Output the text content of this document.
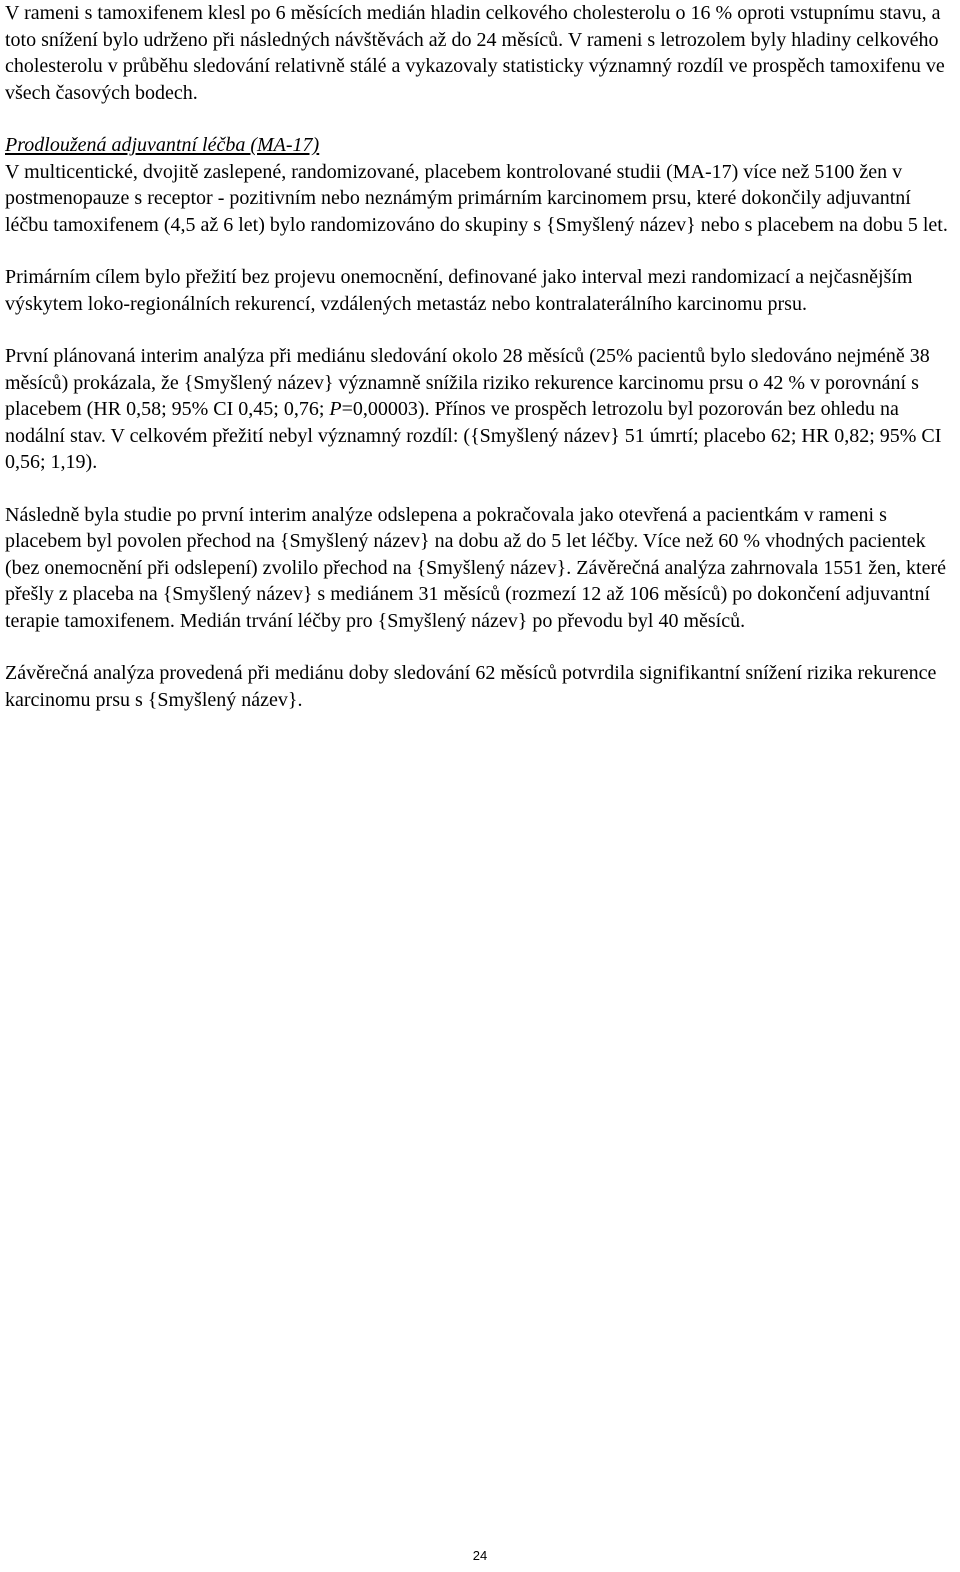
V rameni s tamoxifenem klesl po 6 měsících medián hladin celkového cholesterolu o 16 % oproti vstupnímu stavu, a toto snížení bylo udrženo při následných návštěvách až do 24 měsíců. V rameni s letrozolem byly hladiny celkového cholesterolu v průběhu sledování relativně stálé a vykazovaly statisticky významný rozdíl ve prospěch tamoxifenu ve všech časových bodech.

Prodloužená adjuvantní léčba (MA-17)

V multicentické, dvojitě zaslepené, randomizované, placebem kontrolované studii (MA-17) více než 5100 žen v postmenopauze s receptor - pozitivním nebo neznámým primárním karcinomem prsu, které dokončily adjuvantní léčbu tamoxifenem (4,5 až 6 let) bylo randomizováno do skupiny s {Smyšlený název} nebo s placebem na dobu 5 let.

Primárním cílem bylo přežití bez projevu onemocnění, definované jako interval mezi randomizací a nejčasnějším výskytem loko-regionálních rekurencí, vzdálených metastáz nebo kontralaterálního karcinomu prsu.

První plánovaná interim analýza při mediánu sledování okolo 28 měsíců (25% pacientů bylo sledováno nejméně 38 měsíců) prokázala, že {Smyšlený název} významně snížila riziko rekurence karcinomu prsu o 42 % v porovnání s placebem (HR 0,58; 95% CI 0,45; 0,76; P=0,00003). Přínos ve prospěch letrozolu byl pozorován bez ohledu na nodální stav. V celkovém přežití nebyl významný rozdíl: ({Smyšlený název} 51 úmrtí; placebo 62; HR 0,82; 95% CI 0,56; 1,19).

Následně byla studie po první interim analýze odslepena a pokračovala jako otevřená a pacientkám v rameni s placebem byl povolen přechod na {Smyšlený název} na dobu až do 5 let léčby. Více než 60 % vhodných pacientek (bez onemocnění při odslepení) zvolilo přechod na {Smyšlený název}. Závěrečná analýza zahrnovala 1551 žen, které přešly z placeba na {Smyšlený název} s mediánem 31 měsíců (rozmezí 12 až 106 měsíců) po dokončení adjuvantní terapie tamoxifenem. Medián trvání léčby pro {Smyšlený název} po převodu byl 40 měsíců.

Závěrečná analýza provedená při mediánu doby sledování 62 měsíců potvrdila signifikantní snížení rizika rekurence karcinomu prsu s {Smyšlený název}.

24
